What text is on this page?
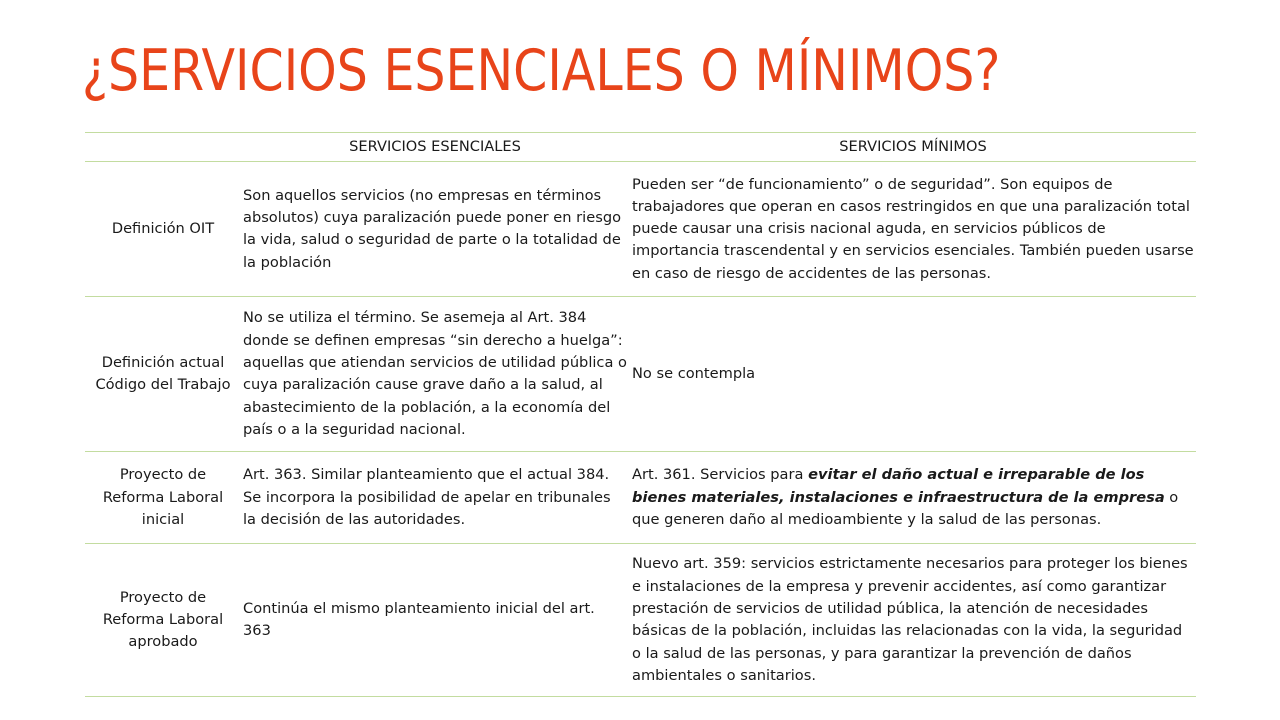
¿SERVICIOS ESENCIALES O MÍNIMOS?
	SERVICIOS ESENCIALES	SERVICIOS MÍNIMOS
Definición OIT	Son aquellos servicios (no empresas en términos absolutos) cuya paralización puede poner en riesgo la vida, salud o seguridad de parte o la totalidad de la población	Pueden ser “de funcionamiento” o de seguridad”. Son equipos de trabajadores que operan en casos restringidos en que una paralización total puede causar una crisis nacional aguda, en servicios públicos de importancia trascendental y en servicios esenciales. También pueden usarse en caso de riesgo de accidentes de las personas.
Definición actual Código del Trabajo	No se utiliza el término. Se asemeja al Art. 384 donde se definen empresas “sin derecho a huelga”: aquellas que atiendan servicios de utilidad pública o cuya paralización cause grave daño a la salud, al abastecimiento de la población, a la economía del país o a la seguridad nacional.	No se contempla
Proyecto de Reforma Laboral inicial	Art. 363. Similar planteamiento que el actual 384. Se incorpora la posibilidad de apelar en tribunales la decisión de las autoridades.	Art. 361. Servicios para evitar el daño actual e irreparable de los bienes materiales, instalaciones e infraestructura de la empresa o que generen daño al medioambiente y la salud de las personas.
Proyecto de Reforma Laboral aprobado	Continúa el mismo planteamiento inicial del art. 363	Nuevo art. 359: servicios estrictamente necesarios para proteger los bienes e instalaciones de la empresa y prevenir accidentes, así como garantizar prestación de servicios de utilidad pública, la atención de necesidades básicas de la población, incluidas las relacionadas con la vida, la seguridad o la salud de las personas, y para garantizar la prevención de daños ambientales o sanitarios.
